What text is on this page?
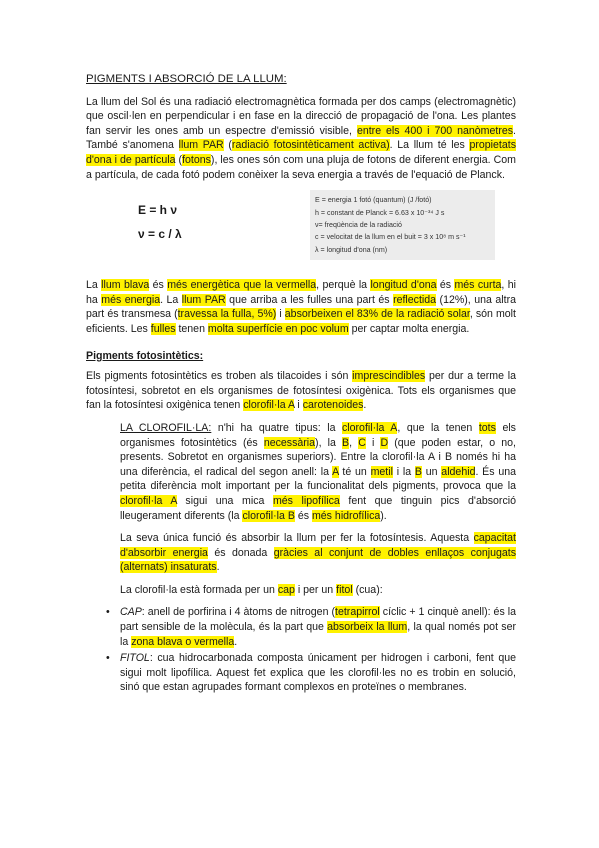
PIGMENTS I ABSORCIÓ DE LA LLUM:

La llum del Sol és una radiació electromagnètica formada per dos camps (electromagnètic) que oscil·len en perpendicular i en fase en la direcció de propagació de l'ona. Les plantes fan servir les ones amb un espectre d'emissió visible, entre els 400 i 700 nanòmetres. També s'anomena llum PAR (radiació fotosintèticament activa). La llum té les propietats d'ona i de partícula (fotons), les ones són com una pluja de fotons de diferent energia. Com a partícula, de cada fotó podem conèixer la seva energia a través de l'equació de Planck.

E = h ν
ν = c / λ
E = energia 1 fotó (quantum) (J /fotó)
h = constant de Planck = 6.63 x 10⁻³⁴ J s
ν= freqüència de la radiació
c = velocitat de la llum en el buit = 3 x 10⁸ m s⁻¹
λ = longitud d'ona (nm)

La llum blava és més energètica que la vermella, perquè la longitud d'ona és més curta, hi ha més energia. La llum PAR que arriba a les fulles una part és reflectida (12%), una altra part és transmesa (travessa la fulla, 5%) i absorbeixen el 83% de la radiació solar, són molt eficients. Les fulles tenen molta superfície en poc volum per captar molta energia.

Pigments fotosintètics:

Els pigments fotosintètics es troben als tilacoides i són imprescindibles per dur a terme la fotosíntesi, sobretot en els organismes de fotosíntesi oxigènica. Tots els organismes que fan la fotosíntesi oxigènica tenen clorofil·la A i carotenoides.

LA CLOROFIL·LA: n'hi ha quatre tipus: la clorofil·la A, que la tenen tots els organismes fotosintètics (és necessària), la B, C i D (que poden estar, o no, presents. Sobretot en organismes superiors). Entre la clorofil·la A i B només hi ha una diferència, el radical del segon anell: la A té un metil i la B un aldehid. És una petita diferència molt important per la funcionalitat dels pigments, provoca que la clorofil·la A sigui una mica més lipofílica fent que tinguin pics d'absorció lleugerament diferents (la clorofil·la B és més hidrofílica).

La seva única funció és absorbir la llum per fer la fotosíntesis. Aquesta capacitat d'absorbir energia és donada gràcies al conjunt de dobles enllaços conjugats (alternats) insaturats.

La clorofil·la està formada per un cap i per un fitol (cua):

• CAP: anell de porfirina i 4 àtoms de nitrogen (tetrapirrol cíclic + 1 cinquè anell): és la part sensible de la molècula, és la part que absorbeix la llum, la qual només pot ser la zona blava o vermella.
• FITOL: cua hidrocarbonada composta únicament per hidrogen i carboni, fent que sigui molt lipofílica. Aquest fet explica que les clorofil·les no es trobin en solució, sinó que estan agrupades formant complexos en proteïnes o membranes.
